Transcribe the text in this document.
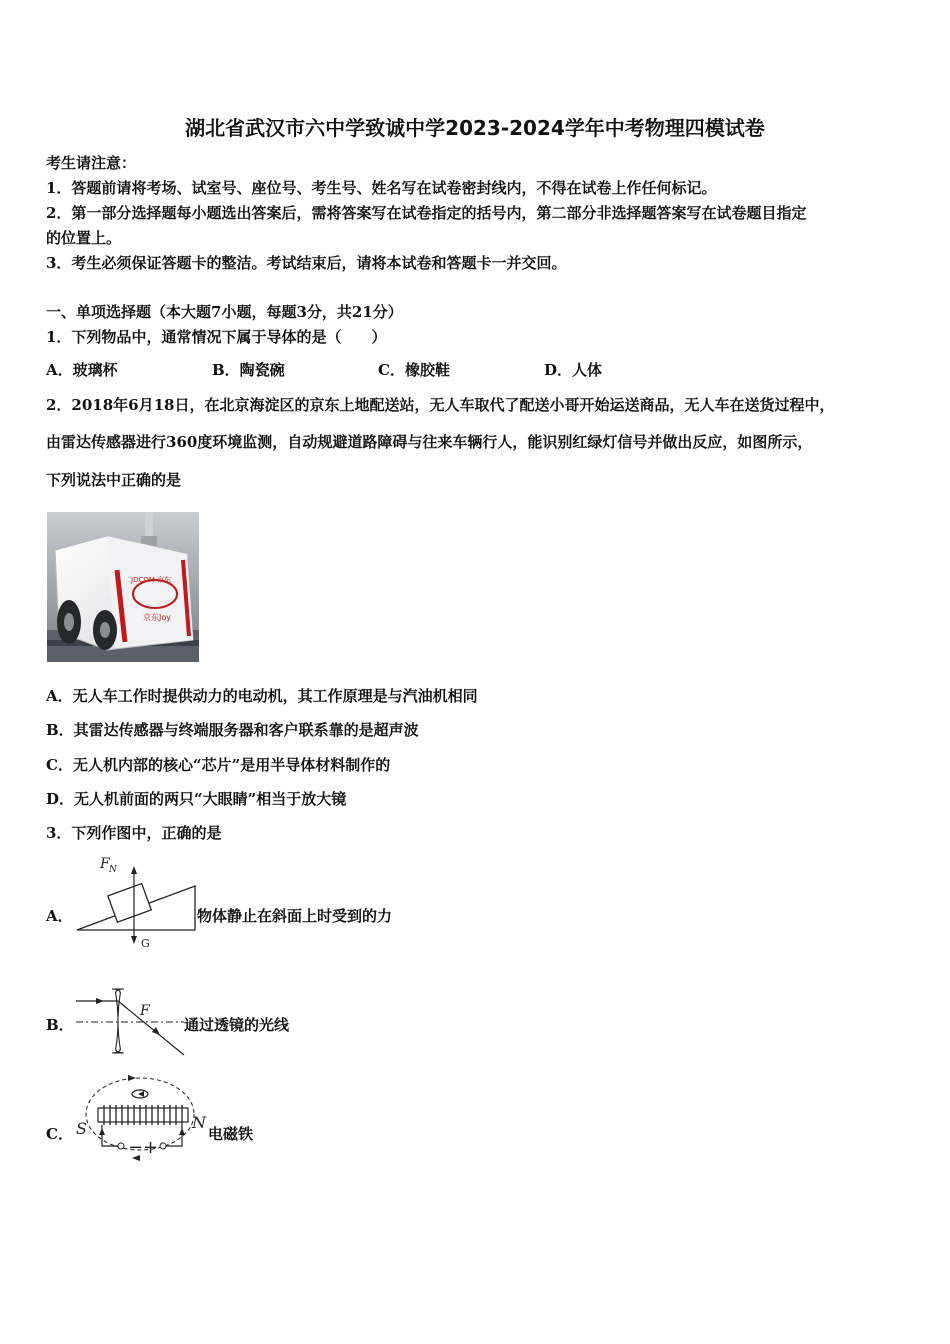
湖北省武汉市六中学致诚中学2023-2024学年中考物理四模试卷
考生请注意：
1．答题前请将考场、试室号、座位号、考生号、姓名写在试卷密封线内，不得在试卷上作任何标记。
2．第一部分选择题每小题选出答案后，需将答案写在试卷指定的括号内，第二部分非选择题答案写在试卷题目指定
的位置上。
3．考生必须保证答题卡的整洁。考试结束后，请将本试卷和答题卡一并交回。
一、单项选择题（本大题7小题，每题3分，共21分）
1．下列物品中，通常情况下属于导体的是（　　）
A．玻璃杯	B．陶瓷碗	C．橡胶鞋	D．人体
2．2018年6月18日，在北京海淀区的京东上地配送站，无人车取代了配送小哥开始运送商品，无人车在送货过程中，
由雷达传感器进行360度环境监测，自动规避道路障碍与往来车辆行人，能识别红绿灯信号并做出反应，如图所示，
下列说法中正确的是
JDCOM 京东
京东Joy
A．无人车工作时提供动力的电动机，其工作原理是与汽油机相同
B．其雷达传感器与终端服务器和客户联系靠的是超声波
C．无人机内部的核心“芯片”是用半导体材料制作的
D．无人机前面的两只“大眼睛”相当于放大镜
3．下列作图中，正确的是
A．
F N
G
物体静止在斜面上时受到的力
B．
F
通过透镜的光线
C． S	N
− +
电磁铁
